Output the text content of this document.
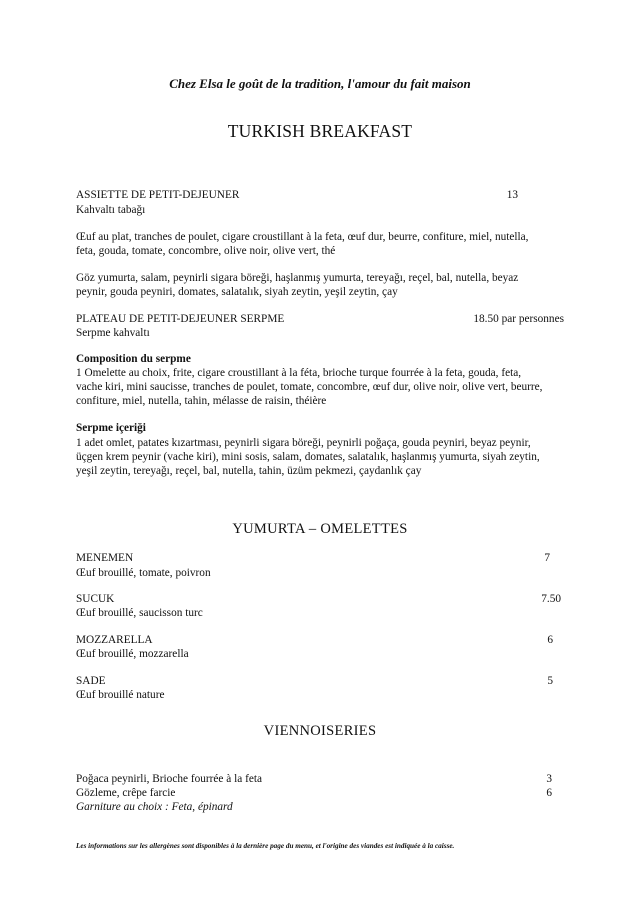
Chez Elsa le goût de la tradition, l'amour du fait maison
TURKISH BREAKFAST
ASSIETTE DE PETIT-DEJEUNER	13
Kahvaltı tabağı
Œuf au plat, tranches de poulet, cigare croustillant à la feta, œuf dur, beurre, confiture, miel, nutella,
feta, gouda, tomate, concombre, olive noir, olive vert, thé
Göz yumurta, salam, peynirli sigara böreği, haşlanmış yumurta, tereyağı, reçel, bal, nutella, beyaz
peynir, gouda peyniri, domates, salatalık, siyah zeytin, yeşil zeytin, çay
PLATEAU DE PETIT-DEJEUNER SERPME	18.50 par personnes
Serpme kahvaltı
Composition du serpme
1 Omelette au choix, frite, cigare croustillant à la féta, brioche turque fourrée à la feta, gouda, feta,
vache kiri, mini saucisse, tranches de poulet, tomate, concombre, œuf dur, olive noir, olive vert, beurre,
confiture, miel, nutella, tahin, mélasse de raisin, théière
Serpme içeriği
1 adet omlet, patates kızartması, peynirli sigara böreği, peynirli poğaça, gouda peyniri, beyaz peynir,
üçgen krem peynir (vache kiri), mini sosis, salam, domates, salatalık, haşlanmış yumurta, siyah zeytin,
yeşil zeytin, tereyağı, reçel, bal, nutella, tahin, üzüm pekmezi, çaydanlık çay
YUMURTA – OMELETTES
MENEMEN	7
Œuf brouillé, tomate, poivron
SUCUK	7.50
Œuf brouillé, saucisson turc
MOZZARELLA	6
Œuf brouillé, mozzarella
SADE	5
Œuf brouillé nature
VIENNOISERIES
Poğaca peynirli, Brioche fourrée à la feta	3
Gözleme, crêpe farcie	6
Garniture au choix : Feta, épinard
Les informations sur les allergènes sont disponibles à la dernière page du menu, et l'origine des viandes est indiquée à la caisse.
